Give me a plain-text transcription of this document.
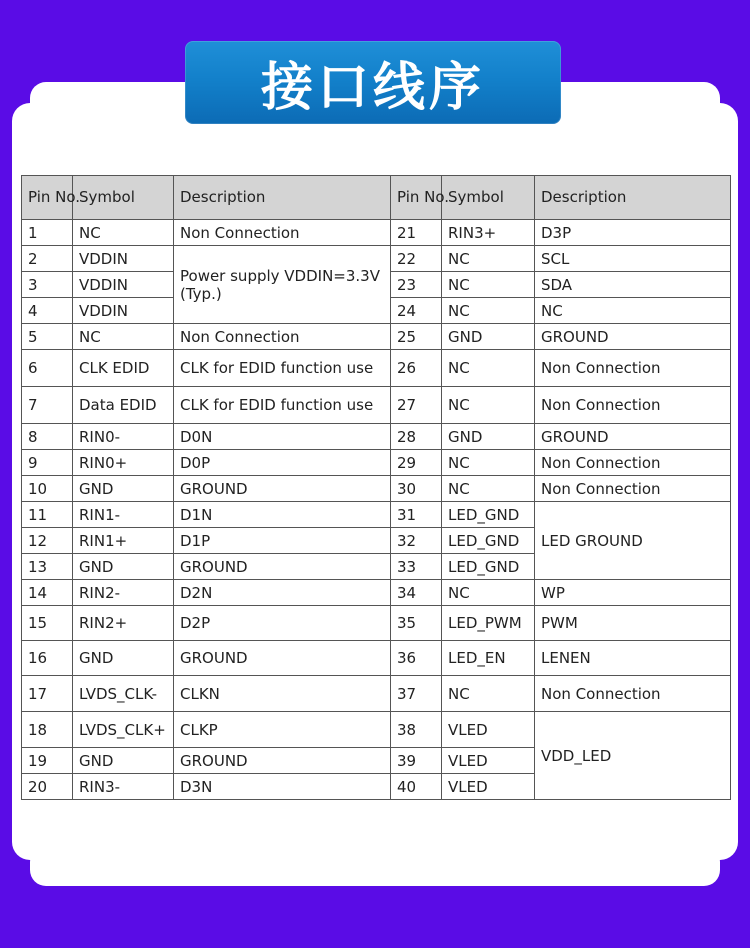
接口线序
Pin No.	Symbol	Description	Pin No.	Symbol	Description
1	NC	Non Connection	21	RIN3+	D3P
2	VDDIN	Power supply VDDIN=3.3V (Typ.)	22	NC	SCL
3	VDDIN		23	NC	SDA
4	VDDIN		24	NC	NC
5	NC	Non Connection	25	GND	GROUND
6	CLK EDID	CLK for EDID function use	26	NC	Non Connection
7	Data EDID	CLK for EDID function use	27	NC	Non Connection
8	RIN0-	D0N	28	GND	GROUND
9	RIN0+	D0P	29	NC	Non Connection
10	GND	GROUND	30	NC	Non Connection
11	RIN1-	D1N	31	LED_GND	LED GROUND
12	RIN1+	D1P	32	LED_GND	
13	GND	GROUND	33	LED_GND	
14	RIN2-	D2N	34	NC	WP
15	RIN2+	D2P	35	LED_PWM	PWM
16	GND	GROUND	36	LED_EN	LENEN
17	LVDS_CLK-	CLKN	37	NC	Non Connection
18	LVDS_CLK+	CLKP	38	VLED	VDD_LED
19	GND	GROUND	39	VLED	
20	RIN3-	D3N	40	VLED	
